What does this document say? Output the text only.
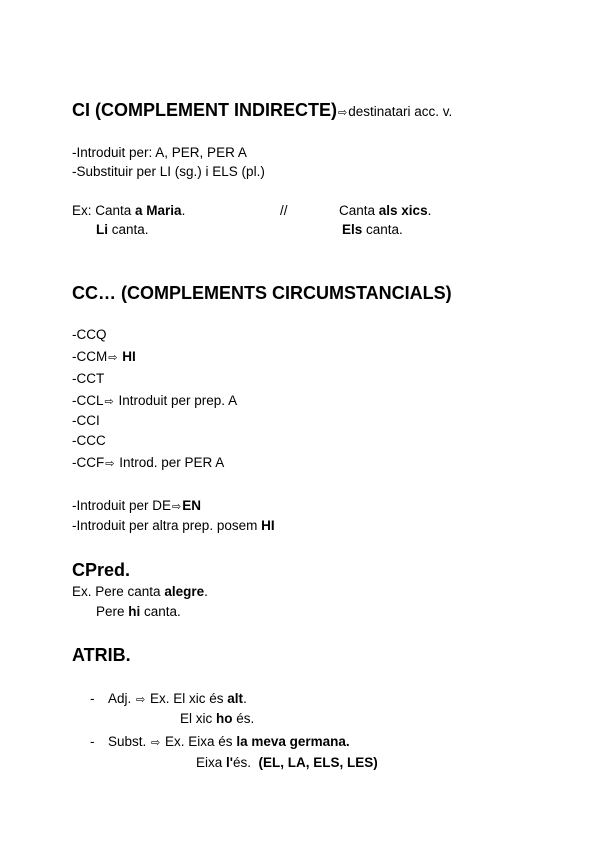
CI (COMPLEMENT INDIRECTE)⇨destinatari acc. v.
-Introduit per: A, PER, PER A
-Substituir per LI (sg.) i ELS (pl.)
Ex: Canta a Maria.	//	Canta als xics.
Li canta.	Els canta.
CC… (COMPLEMENTS CIRCUMSTANCIALS)
-CCQ
-CCM⇨ HI
-CCT
-CCL⇨ Introduit per prep. A
-CCI
-CCC
-CCF⇨ Introd. per PER A
-Introduit per DE⇨EN
-Introduit per altra prep. posem HI
CPred.
Ex. Pere canta alegre.
Pere hi canta.
ATRIB.
- Adj. ⇨ Ex. El xic és alt.
El xic ho és.
- Subst. ⇨ Ex. Eixa és la meva germana.
Eixa l'és. (EL, LA, ELS, LES)
